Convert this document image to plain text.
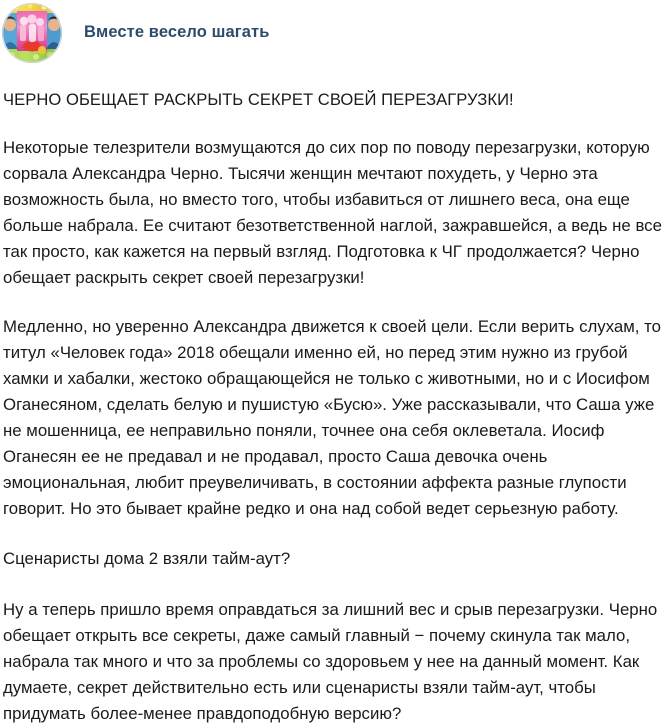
Вместе весело шагать
ЧЕРНО ОБЕЩАЕТ РАСКРЫТЬ СЕКРЕТ СВОЕЙ ПЕРЕЗАГРУЗКИ!

Некоторые телезрители возмущаются до сих пор по поводу перезагрузки, которую сорвала Александра Черно. Тысячи женщин мечтают похудеть, у Черно эта возможность была, но вместо того, чтобы избавиться от лишнего веса, она еще больше набрала. Ее считают безответственной наглой, зажравшейся, а ведь не все так просто, как кажется на первый взгляд. Подготовка к ЧГ продолжается? Черно обещает раскрыть секрет своей перезагрузки!

Медленно, но уверенно Александра движется к своей цели. Если верить слухам, то титул «Человек года» 2018 обещали именно ей, но перед этим нужно из грубой хамки и хабалки, жестоко обращающейся не только с животными, но и с Иосифом Оганесяном, сделать белую и пушистую «Бусю». Уже рассказывали, что Саша уже не мошенница, ее неправильно поняли, точнее она себя оклеветала. Иосиф Оганесян ее не предавал и не продавал, просто Саша девочка очень эмоциональная, любит преувеличивать, в состоянии аффекта разные глупости говорит. Но это бывает крайне редко и она над собой ведет серьезную работу.

Сценаристы дома 2 взяли тайм-аут?

Ну а теперь пришло время оправдаться за лишний вес и срыв перезагрузки. Черно обещает открыть все секреты, даже самый главный − почему скинула так мало, набрала так много и что за проблемы со здоровьем у нее на данный момент. Как думаете, секрет действительно есть или сценаристы взяли тайм-аут, чтобы придумать более-менее правдоподобную версию?
